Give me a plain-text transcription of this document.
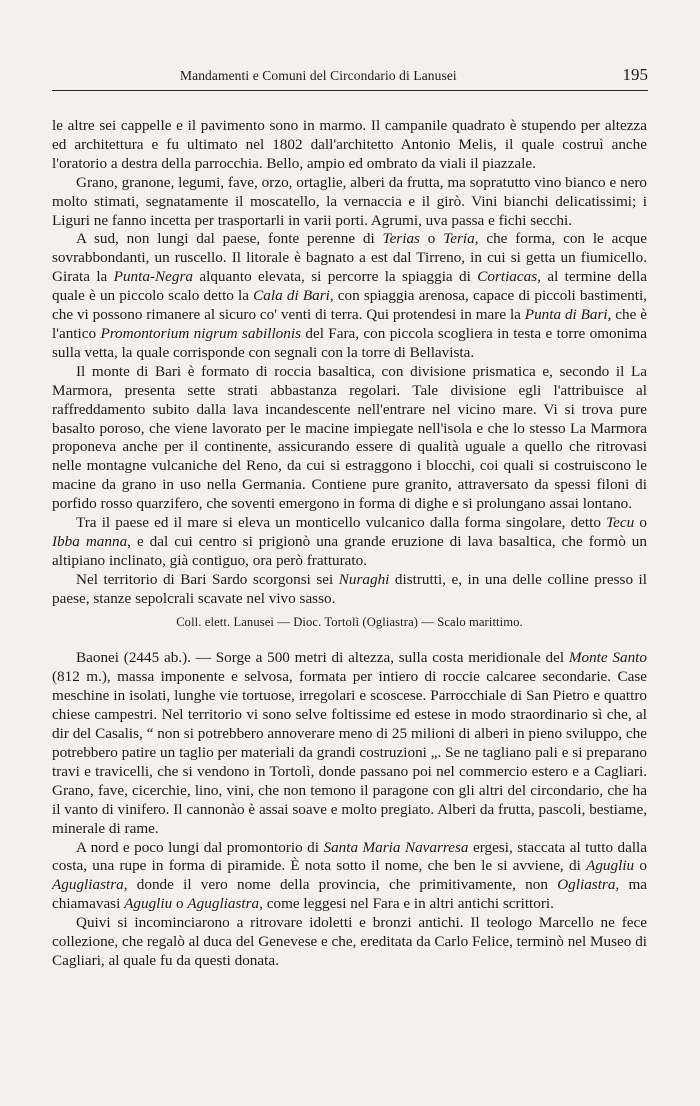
Mandamenti e Comuni del Circondario di Lanusei	195

le altre sei cappelle e il pavimento sono in marmo. Il campanile quadrato è stupendo per altezza ed architettura e fu ultimato nel 1802 dall'architetto Antonio Melis, il quale costruì anche l'oratorio a destra della parrocchia. Bello, ampio ed ombrato da viali il piazzale.

Grano, granone, legumi, fave, orzo, ortaglie, alberi da frutta, ma sopratutto vino bianco e nero molto stimati, segnatamente il moscatello, la vernaccia e il girò. Vini bianchi delicatissimi; i Liguri ne fanno incetta per trasportarli in varii porti. Agrumi, uva passa e fichi secchi.

A sud, non lungi dal paese, fonte perenne di Terias o Teria, che forma, con le acque sovrabbondanti, un ruscello. Il litorale è bagnato a est dal Tirreno, in cui si getta un fiumicello. Girata la Punta-Negra alquanto elevata, si percorre la spiaggia di Cortiacas, al termine della quale è un piccolo scalo detto la Cala di Bari, con spiaggia arenosa, capace di piccoli bastimenti, che vi possono rimanere al sicuro co' venti di terra. Qui protendesi in mare la Punta di Bari, che è l'antico Promontorium nigrum sabillonis del Fara, con piccola scogliera in testa e torre omonima sulla vetta, la quale corrisponde con segnali con la torre di Bellavista.

Il monte di Bari è formato di roccia basaltica, con divisione prismatica e, secondo il La Marmora, presenta sette strati abbastanza regolari. Tale divisione egli l'attribuisce al raffreddamento subito dalla lava incandescente nell'entrare nel vicino mare. Vi si trova pure basalto poroso, che viene lavorato per le macine impiegate nell'isola e che lo stesso La Marmora proponeva anche per il continente, assicurando essere di qualità uguale a quello che ritrovasi nelle montagne vulcaniche del Reno, da cui si estraggono i blocchi, coi quali si costruiscono le macine da grano in uso nella Germania. Contiene pure granito, attraversato da spessi filoni di porfido rosso quarzifero, che soventi emergono in forma di dighe e si prolungano assai lontano.

Tra il paese ed il mare si eleva un monticello vulcanico dalla forma singolare, detto Tecu o Ibba manna, e dal cui centro si prigionò una grande eruzione di lava basaltica, che formò un altipiano inclinato, già contiguo, ora però fratturato.

Nel territorio di Bari Sardo scorgonsi sei Nuraghi distrutti, e, in una delle colline presso il paese, stanze sepolcrali scavate nel vivo sasso.

Coll. elett. Lanusei — Dioc. Tortolì (Ogliastra) — Scalo marittimo.

Baonei (2445 ab.). — Sorge a 500 metri di altezza, sulla costa meridionale del Monte Santo (812 m.), massa imponente e selvosa, formata per intiero di roccie calcaree secondarie. Case meschine in isolati, lunghe vie tortuose, irregolari e scoscese. Parrocchiale di San Pietro e quattro chiese campestri. Nel territorio vi sono selve foltissime ed estese in modo straordinario sì che, al dir del Casalis, “ non si potrebbero annoverare meno di 25 milioni di alberi in pieno sviluppo, che potrebbero patire un taglio per materiali da grandi costruzioni „. Se ne tagliano pali e si preparano travi e travicelli, che si vendono in Tortolì, donde passano poi nel commercio estero e a Cagliari. Grano, fave, cicerchie, lino, vini, che non temono il paragone con gli altri del circondario, che ha il vanto di vinifero. Il cannonào è assai soave e molto pregiato. Alberi da frutta, pascoli, bestiame, minerale di rame.

A nord e poco lungi dal promontorio di Santa Maria Navarresa ergesi, staccata al tutto dalla costa, una rupe in forma di piramide. È nota sotto il nome, che ben le si avviene, di Agugliu o Agugliastra, donde il vero nome della provincia, che primitivamente, non Ogliastra, ma chiamavasi Agugliu o Agugliastra, come leggesi nel Fara e in altri antichi scrittori.

Quivi si incominciarono a ritrovare idoletti e bronzi antichi. Il teologo Marcello ne fece collezione, che regalò al duca del Genevese e che, ereditata da Carlo Felice, terminò nel Museo di Cagliari, al quale fu da questi donata.
